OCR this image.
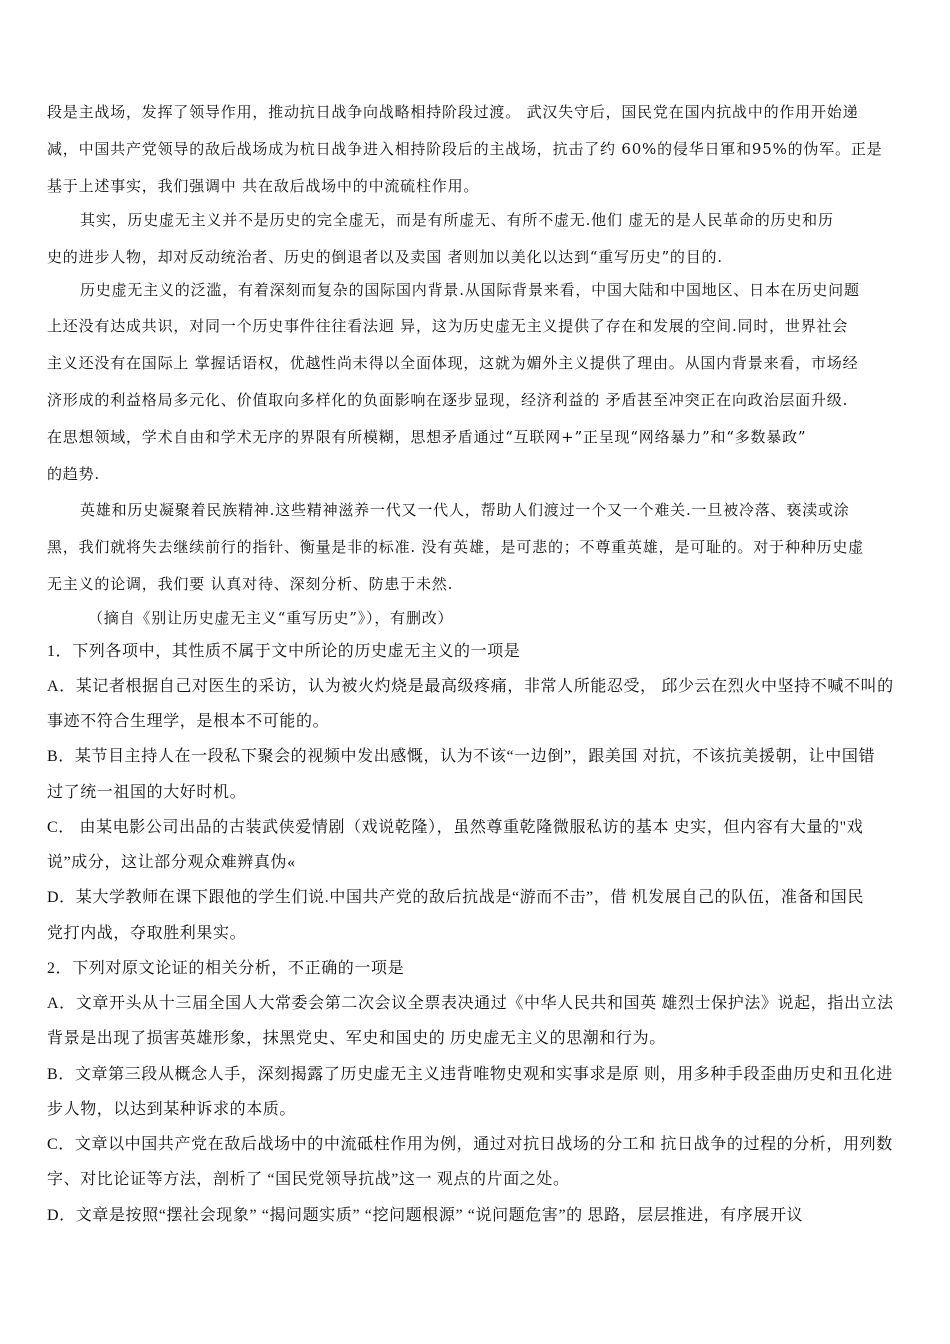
段是主战场，发挥了领导作用，推动抗日战争向战略相持阶段过渡。 武汉失守后，国民党在国内抗战中的作用开始递
减，中国共产党领导的敌后战场成为杭日战争进入相持阶段后的主战场，抗击了约 60%的侵华日軍和95%的伪军。正是
基于上述事实，我们强调中 共在敌后战场中的中流硫柱作用。
其实，历史虚无主义并不是历史的完全虚无，而是有所虚无、有所不虚无.他们 虚无的是人民革命的历史和历
史的进步人物，却对反动统治者、历史的倒退者以及卖国 者则加以美化以达到“重写历史”的目的.
历史虚无主义的泛滥，有着深刻而复杂的国际国内背景.从国际背景来看，中国大陆和中国地区、日本在历史问题
上还没有达成共识，对同一个历史事件往往看法迥 异，这为历史虚无主义提供了存在和发展的空间.同时，世界社会
主义还没有在国际上 掌握话语权，优越性尚未得以全面体现，这就为媚外主义提供了理由。从国内背景来看，市场经
济形成的利益格局多元化、价值取向多样化的负面影响在逐步显现，经济利益的 矛盾甚至冲突正在向政治层面升级.
在思想领域，学术自由和学术无序的界限有所模糊，思想矛盾通过“互联网+”正呈现“网络暴力”和“多数暴政”
的趋势.
英雄和历史凝聚着民族精神.这些精神滋养一代又一代人，帮助人们渡过一个又一个难关.一旦被冷落、亵渎或涂
黑，我们就将失去继续前行的指针、衡量是非的标准. 没有英雄，是可悲的；不尊重英雄，是可耻的。对于种种历史虚
无主义的论调，我们要 认真对待、深刻分析、防患于未然.
（摘自《别让历史虚无主义“重写历史”》），有删改）
1．下列各项中，其性质不属于文中所论的历史虚无主义的一项是
A．某记者根据自己对医生的采访，认为被火灼烧是最高级疼痛，非常人所能忍受， 邱少云在烈火中坚持不喊不叫的
事迹不符合生理学，是根本不可能的。
B．某节目主持人在一段私下聚会的视频中发出感慨，认为不该“一边倒”，跟美国 对抗，不该抗美援朝，让中国错
过了统一祖国的大好时机。
C． 由某电影公司出品的古装武侠爱情剧（戏说乾隆），虽然尊重乾隆微服私访的基本 史实，但内容有大量的"戏
说”成分，这让部分观众难辨真伪«
D．某大学教师在课下跟他的学生们说.中国共产党的敌后抗战是“游而不击”，借 机发展自己的队伍，准备和国民
党打内战，夺取胜利果实。
2．下列对原文论证的相关分析，不正确的一项是
A．文章开头从十三届全国人大常委会第二次会议全票表决通过《中华人民共和国英 雄烈士保护法》说起，指出立法
背景是出现了损害英雄形象，抹黑党史、军史和国史的 历史虚无主义的思潮和行为。
B．文章第三段从概念人手，深刻揭露了历史虚无主义违背唯物史观和实事求是原 则，用多种手段歪曲历史和丑化进
步人物，以达到某种诉求的本质。
C．文章以中国共产党在敌后战场中的中流砥柱作用为例，通过对抗日战场的分工和 抗日战争的过程的分析，用列数
字、对比论证等方法，剖析了 “国民党领导抗战”这一 观点的片面之处。
D．文章是按照“摆社会现象” “揭问题实质” “挖问题根源” “说问题危害”的 思路，层层推进，有序展开议
